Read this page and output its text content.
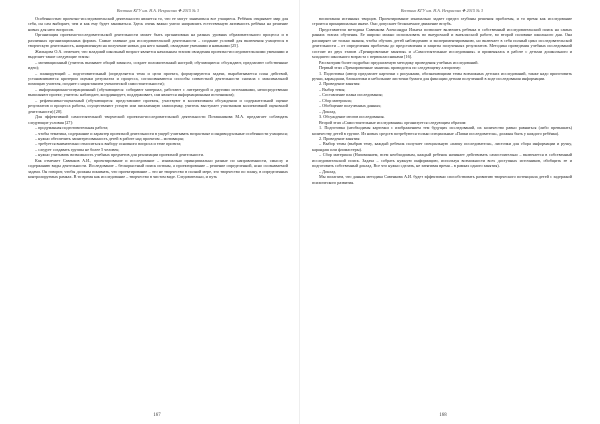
Вестник КГУ им. Н.А. Некрасова ❖ 2015 № 3

Особенностью проектно-исследовательской деятельности является то, что ее могут заниматься все учащиеся. Ребёнок открывает мир для себя, он сам выбирает, чем и как ему будет заниматься. Здесь очень важно умело направлять естественную активность ребёнка на решение новых для него вопросов.

Организация проектно-исследовательской деятельности может быть организована на разных уровнях образовательного процесса и в различных организационных формах. Самые главные для исследовательской деятельности – создание условий для включения учащегося в творческую деятельность, направленную на получение новых для него знаний, овладение умениями и навыками [25].

Жильцова О.А. отмечает, что младший школьный возраст является начальным этапом овладения проектно-исследовательскими умениями и выделяет такие следующие этапы:

– мотивационный (учитель вызывает общий замысел, создает положительный настрой; обучающиеся: обсуждают, предлагают собственные идеи);

– планирующий – подготовительный (определяется тема и цели проекта, формулируются задачи, вырабатывается план действий, устанавливаются критерии оценки результата и процесса, согласовываются способы совместной деятельности сначала с максимальной помощью учителя, позднее с нарастанием ученической самостоятельности);

– информационно-операционный (обучающиеся: собирают материал, работают с литературой и другими источниками, непосредственно выполняют проект; учитель: наблюдает, координирует, поддерживает, сам является информационным источником);

– рефлексивно-оценочный (обучающиеся: представляют проекты, участвуют в коллективном обсуждении и содержательной оценке результатов и процесса работы, осуществляют устную или письменную самооценку, учитель выступает участником коллективной оценочной деятельности) [20].

Для эффективной самостоятельной творческой проектно-исследовательской деятельности Поташникова М.А. предлагает соблюдать следующие условия [27]:

– продуманная подготовительная работа;

– чтобы тематика, содержание и характер проектной деятельности в ущерб учитывать возрастные и индивидуальные особенности учащихся;

– нужно обеспечить заинтересованность детей в работе над проектом – мотивация;

– требуется внимательно относиться к выбору основного вопроса и теме проекта;

– следует создавать группы не более 5 человек;

– нужно учитывать возможность учебных предметов для реализации проектной деятельности.

Как отмечает Савенков А.И., проектирование и исследование – изначально принципиально разные по направленности, смыслу и содержанию виды деятельности. Исследование – бескорыстный поиск истины, а проектирование – решение определенной, ясно осознаваемой задачи. Он говорит, чтобы должны понимать, что проектирование – это не творчество в полной мере, это творчество по плану, в определенных контролируемых рамках. В то время как исследование – творчество в чистом виде. Следовательно, и путь

167
Вестник КГУ им. Н.А. Некрасова ❖ 2015 № 3

воспитания истинных творцов. Проектирование изначально задает предел глубины решения проблемы, и то время как исследование строится принципиально иначе. Оно допускает бесконечное движение вглубь.

Представители методика Савенкова Александра Ильича позволяет включить ребенка в собственный исследовательский поиск на самых ранних этапах обучения. Ее широко можно использовать во внеурочной и внеклассной работе, во второй половине школьного дня. Она расширяет не только знания, чтобы обучать детей наблюдению и экспериментированию, но включает в себя полный цикл исследовательской деятельности – от определения проблемы до представления и защиты полученных результатов. Методика проведения учебных исследований состоит из двух этапов «Тренировочные занятия» и «Самостоятельные исследования» и применялась в работе с детьми дошкольного и младшего школьного возраста с первоклассниками [16].

Рассмотрим более подробно предлагаемую методику проведения учебных исследований.

Первый этап «Тренировочные занятия» проводится по следующему алгоритму:

1. Подготовка (автор предлагает карточки с рисунками, обозначающими темы возможных детских исследований, также надо приготовить ручки, карандаши, блокнотики и небольшие листочки бумаги для фиксации детьми полученной в ходе исследования информации.

2. Проведение занятия:

– Выбор темы;

– Составление плана исследования;

– Сбор материала;

– Обобщение полученных данных;

– Доклад.

3. Обсуждение итогов исследования.

Второй этап «Самостоятельные исследования» организуется следующим образом:

1. Подготовка (необходимы карточки с изображением тем будущих исследований, их количество равно равняться (либо превышать) количеству детей в группе. Из новых средств потребуются только специальные «Папки исследователя», должны быть у каждого ребёнка).

2. Проведение занятия:

– Выбор темы (выбрав тему, каждый ребенок получает специальную «папку исследователя», листочки для сбора информации и ручку, карандаш или фломастеры).

– Сбор материала (Напоминаем, всем необходимым, каждый ребенок начинает действовать самостоятельно – включается в собственный исследовательский поиск. Задача – собрать нужную информацию, используя возможности всех доступных источников, обобщить ее и подготовить собственный доклад. Все что нужно сделать, не затягивая время – в рамках одного занятия).

– Доклад.

Мы полагаем, что данная методика Савенкова А.И. будет эффективно способствовать развитию творческого потенциала детей с задержкой психического развития.

168
